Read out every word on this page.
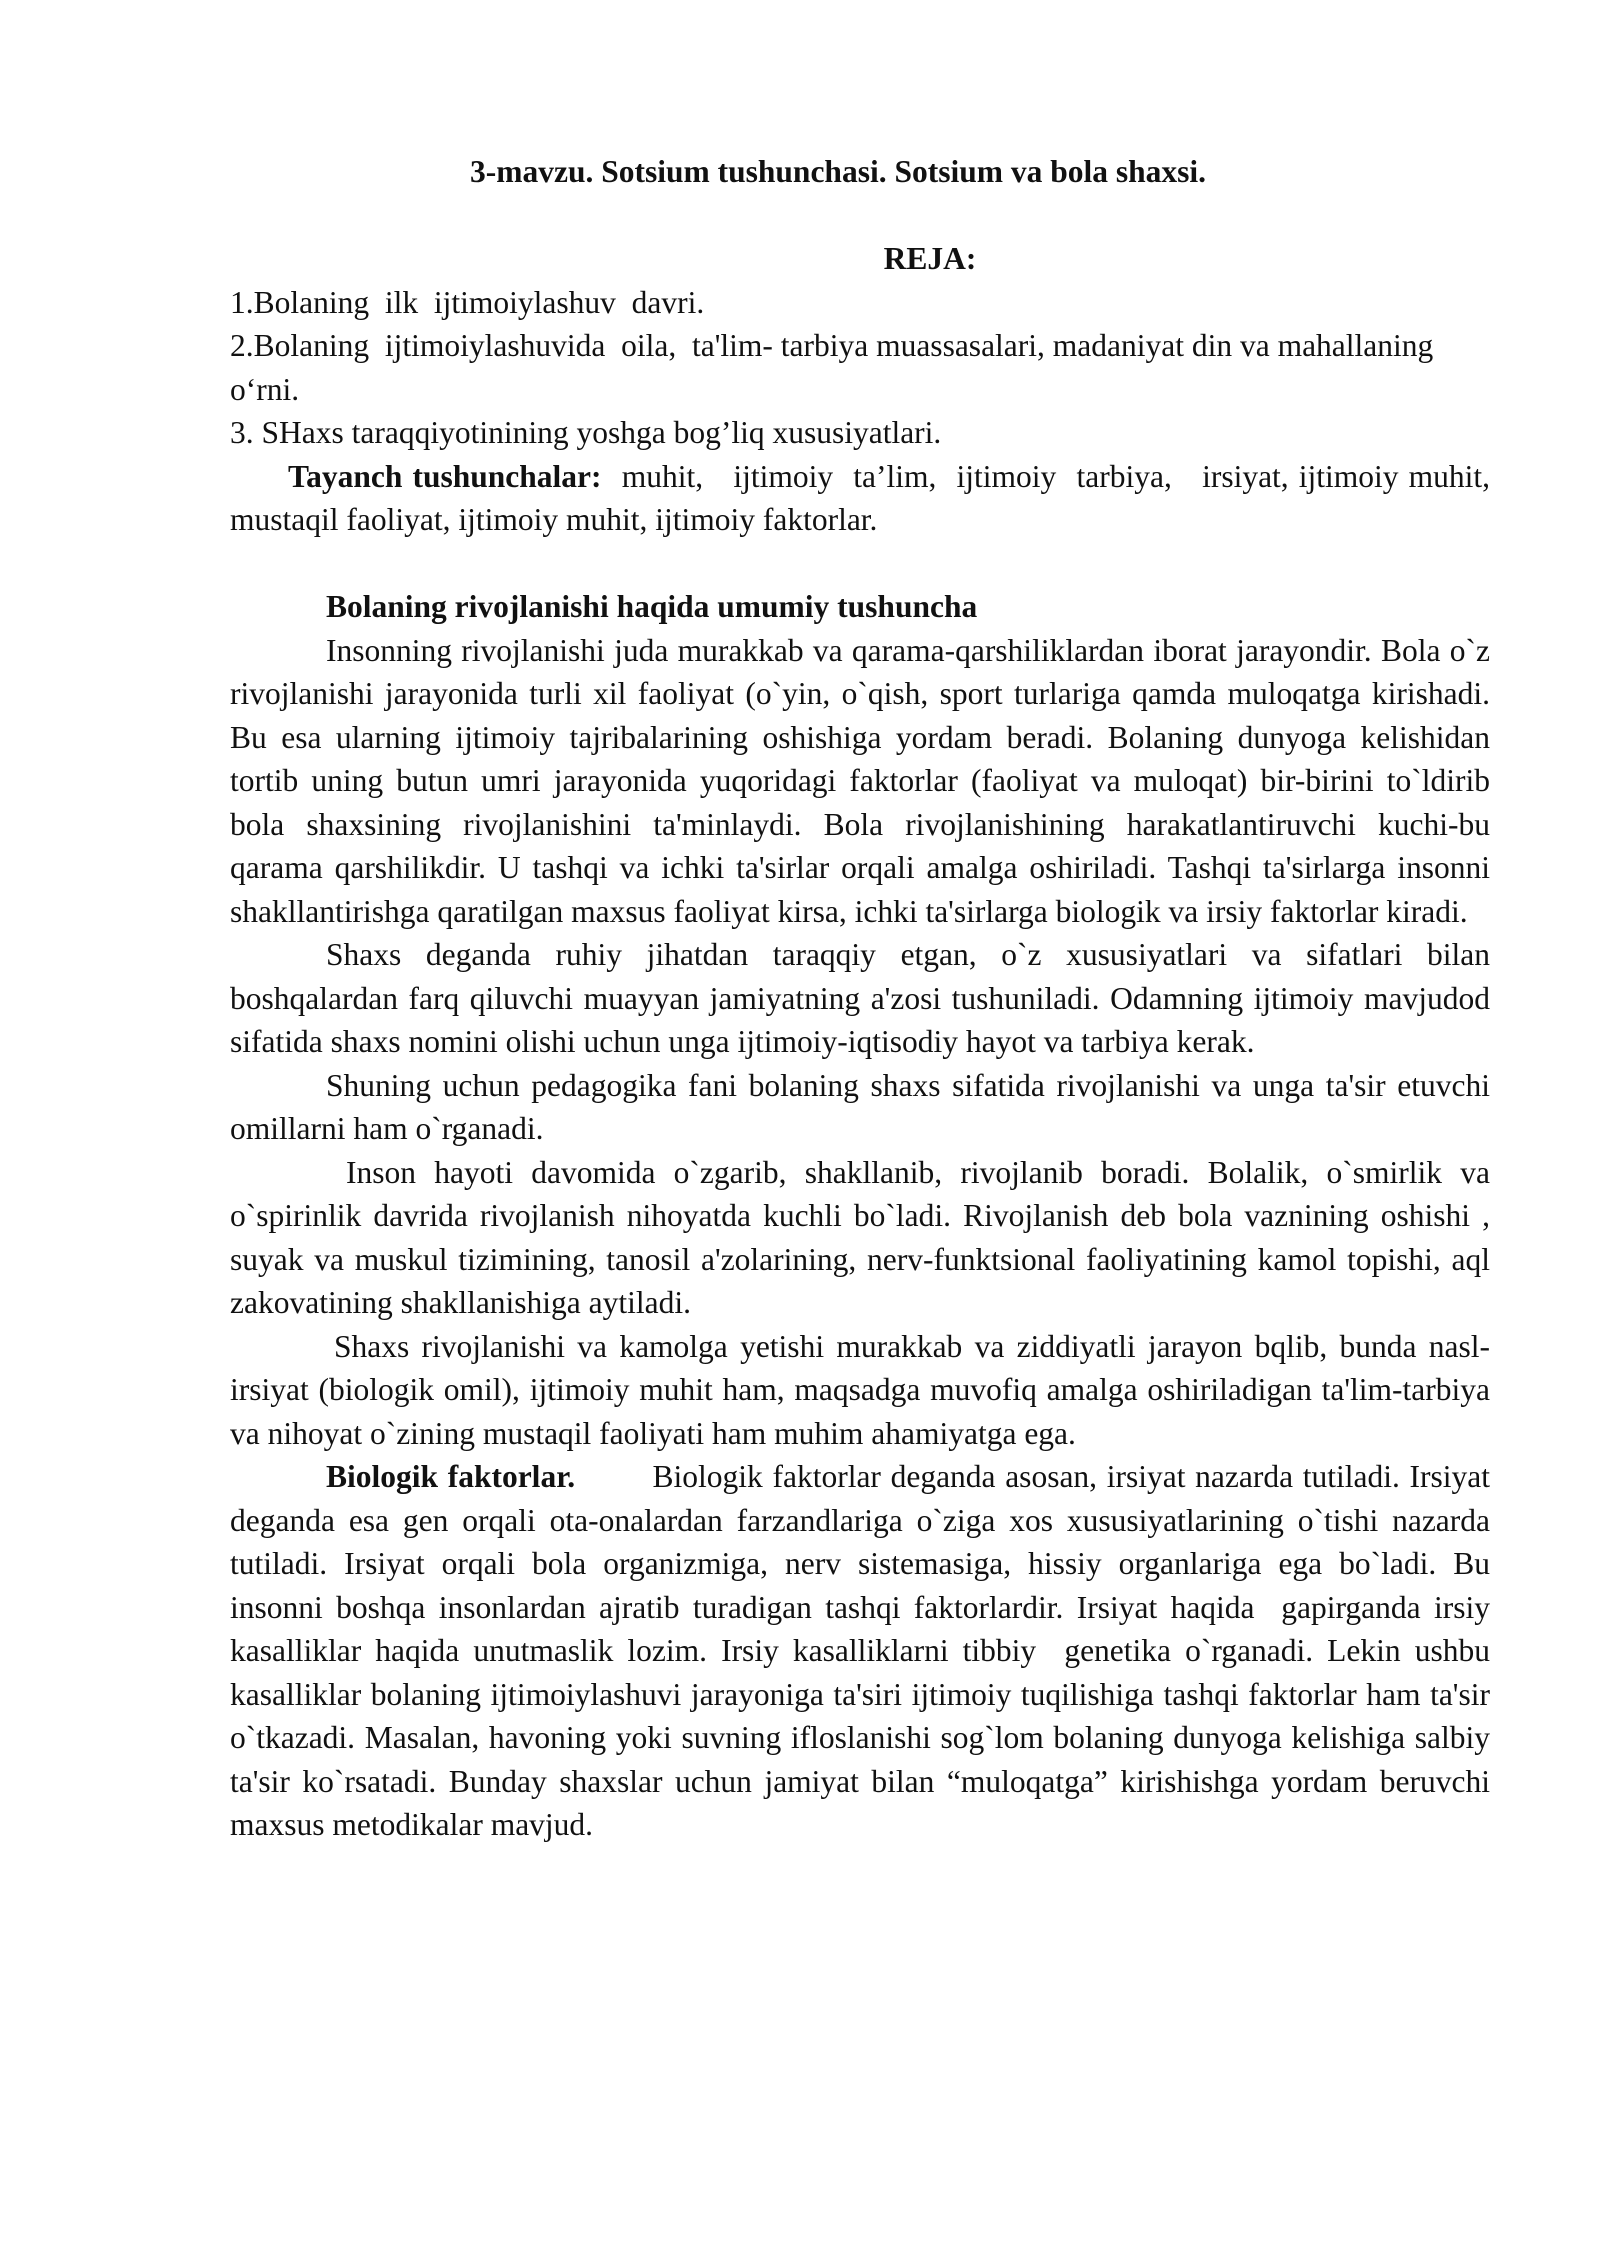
3-mavzu. Sotsium tushunchasi. Sotsium va bola shaxsi.

REJA:

1.Bolaning  ilk  ijtimoiylashuv  davri.

2.Bolaning  ijtimoiylashuvida  oila,  ta'lim- tarbiya muassasalari, madaniyat din va mahallaning o‘rni.

3. SHaxs taraqqiyotinining yoshga bog’liq xususiyatlari.

Tayanch tushunchalar:  muhit,   ijtimoiy  ta’lim,  ijtimoiy  tarbiya,   irsiyat, ijtimoiy muhit, mustaqil faoliyat, ijtimoiy muhit, ijtimoiy faktorlar.

Bolaning rivojlanishi haqida umumiy tushuncha

Insonning rivojlanishi juda murakkab va qarama-qarshiliklardan iborat jarayondir. Bola o`z rivojlanishi jarayonida turli xil faoliyat (o`yin, o`qish, sport turlariga qamda muloqatga kirishadi. Bu esa ularning ijtimoiy tajribalarining oshishiga yordam beradi. Bolaning dunyoga kelishidan tortib uning butun umri jarayonida yuqoridagi faktorlar (faoliyat va muloqat) bir-birini to`ldirib bola shaxsining rivojlanishini ta'minlaydi. Bola rivojlanishining harakatlantiruvchi kuchi-bu qarama qarshilikdir. U tashqi va ichki ta'sirlar orqali amalga oshiriladi. Tashqi ta'sirlarga insonni shakllantirishga qaratilgan maxsus faoliyat kirsa, ichki ta'sirlarga biologik va irsiy faktorlar kiradi.

Shaxs deganda ruhiy jihatdan taraqqiy etgan, o`z xususiyatlari va sifatlari bilan boshqalardan farq qiluvchi muayyan jamiyatning a'zosi tushuniladi. Odamning ijtimoiy mavjudod sifatida shaxs nomini olishi uchun unga ijtimoiy-iqtisodiy hayot va tarbiya kerak.

Shuning uchun pedagogika fani bolaning shaxs sifatida rivojlanishi va unga ta'sir etuvchi omillarni ham o`rganadi.

Inson hayoti davomida o`zgarib, shakllanib, rivojlanib boradi. Bolalik, o`smirlik va o`spirinlik davrida rivojlanish nihoyatda kuchli bo`ladi. Rivojlanish deb bola vaznining oshishi , suyak va muskul tizimining, tanosil a'zolarining, nerv-funktsional faoliyatining kamol topishi, aql zakovatining shakllanishiga aytiladi.

Shaxs rivojlanishi va kamolga yetishi murakkab va ziddiyatli jarayon bqlib, bunda nasl-irsiyat (biologik omil), ijtimoiy muhit ham, maqsadga muvofiq amalga oshiriladigan ta'lim-tarbiya va nihoyat o`zining mustaqil faoliyati ham muhim ahamiyatga ega.

Biologik faktorlar.        Biologik faktorlar deganda asosan, irsiyat nazarda tutiladi. Irsiyat deganda esa gen orqali ota-onalardan farzandlariga o`ziga xos xususiyatlarining o`tishi nazarda tutiladi. Irsiyat orqali bola organizmiga, nerv sistemasiga, hissiy organlariga ega bo`ladi. Bu insonni boshqa insonlardan ajratib turadigan tashqi faktorlardir. Irsiyat haqida  gapirganda irsiy kasalliklar haqida unutmaslik lozim. Irsiy kasalliklarni tibbiy  genetika o`rganadi. Lekin ushbu kasalliklar bolaning ijtimoiylashuvi jarayoniga ta'siri ijtimoiy tuqilishiga tashqi faktorlar ham ta'sir o`tkazadi. Masalan, havoning yoki suvning ifloslanishi sog`lom bolaning dunyoga kelishiga salbiy ta'sir ko`rsatadi. Bunday shaxslar uchun jamiyat bilan “muloqatga” kirishishga yordam beruvchi maxsus metodikalar mavjud.
